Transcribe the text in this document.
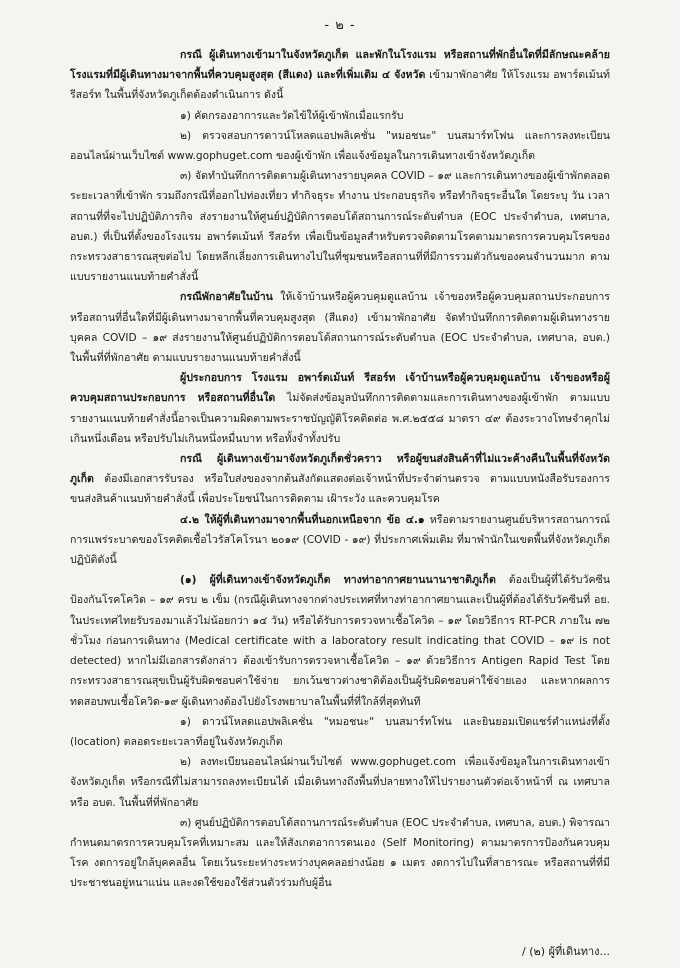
- ๒ -

กรณี ผู้เดินทางเข้ามาในจังหวัดภูเก็ต และพักในโรงแรม หรือสถานที่พักอื่นใดที่มีลักษณะคล้ายโรงแรมที่มีผู้เดินทางมาจากพื้นที่ควบคุมสูงสุด (สีแดง) และที่เพิ่มเติม ๔ จังหวัด เข้ามาพักอาศัย ให้โรงแรม อพาร์ตเม้นท์ รีสอร์ท ในพื้นที่จังหวัดภูเก็ตต้องดำเนินการ ดังนี้

๑) คัดกรองอาการและวัดไข้ให้ผู้เข้าพักเมื่อแรกรับ

๒) ตรวจสอบการดาวน์โหลดแอปพลิเคชั่น "หมอชนะ" บนสมาร์ทโฟน และการลงทะเบียนออนไลน์ผ่านเว็บไซต์ www.gophuget.com ของผู้เข้าพัก เพื่อแจ้งข้อมูลในการเดินทางเข้าจังหวัดภูเก็ต

๓) จัดทำบันทึกการติดตามผู้เดินทางรายบุคคล COVID – ๑๙ และการเดินทางของผู้เข้าพักตลอดระยะเวลาที่เข้าพัก รวมถึงกรณีที่ออกไปท่องเที่ยว ทำกิจธุระ ทำงาน ประกอบธุรกิจ หรือทำกิจธุระอื่นใด โดยระบุ วัน เวลา สถานที่ที่จะไปปฏิบัติภารกิจ ส่งรายงานให้ศูนย์ปฏิบัติการตอบโต้สถานการณ์ระดับตำบล (EOC ประจำตำบล, เทศบาล, อบต.) ที่เป็นที่ตั้งของโรงแรม อพาร์ตเม้นท์ รีสอร์ท เพื่อเป็นข้อมูลสำหรับตรวจติดตามโรคตามมาตรการควบคุมโรคของกระทรวงสาธารณสุขต่อไป โดยหลีกเลี่ยงการเดินทางไปในที่ชุมชนหรือสถานที่ที่มีการรวมตัวกันของคนจำนวนมาก ตามแบบรายงานแนบท้ายคำสั่งนี้

กรณีพักอาศัยในบ้าน ให้เจ้าบ้านหรือผู้ควบคุมดูแลบ้าน เจ้าของหรือผู้ควบคุมสถานประกอบการ หรือสถานที่อื่นใดที่มีผู้เดินทางมาจากพื้นที่ควบคุมสูงสุด (สีแดง) เข้ามาพักอาศัย จัดทำบันทึกการติดตามผู้เดินทางรายบุคคล COVID – ๑๙ ส่งรายงานให้ศูนย์ปฏิบัติการตอบโต้สถานการณ์ระดับตำบล (EOC ประจำตำบล, เทศบาล, อบต.) ในพื้นที่ที่พักอาศัย ตามแบบรายงานแนบท้ายคำสั่งนี้

ผู้ประกอบการ โรงแรม อพาร์ตเม้นท์ รีสอร์ท เจ้าบ้านหรือผู้ควบคุมดูแลบ้าน เจ้าของหรือผู้ควบคุมสถานประกอบการ หรือสถานที่อื่นใด ไม่จัดส่งข้อมูลบันทึกการติดตามและการเดินทางของผู้เข้าพัก ตามแบบรายงานแนบท้ายคำสั่งนี้อาจเป็นความผิดตามพระราชบัญญัติโรคติดต่อ พ.ศ.๒๕๕๘ มาตรา ๔๙ ต้องระวางโทษจำคุกไม่เกินหนึ่งเดือน หรือปรับไม่เกินหนึ่งหมื่นบาท หรือทั้งจำทั้งปรับ

กรณี ผู้เดินทางเข้ามาจังหวัดภูเก็ตชั่วคราว หรือผู้ขนส่งสินค้าที่ไม่แวะค้างคืนในพื้นที่จังหวัดภูเก็ต ต้องมีเอกสารรับรอง หรือใบส่งของจากต้นสังกัดแสดงต่อเจ้าหน้าที่ประจำด่านตรวจ ตามแบบหนังสือรับรองการขนส่งสินค้าแนบท้ายคำสั่งนี้ เพื่อประโยชน์ในการติดตาม เฝ้าระวัง และควบคุมโรค

๔.๒ ให้ผู้ที่เดินทางมาจากพื้นที่นอกเหนือจาก ข้อ ๔.๑ หรือตามรายงานศูนย์บริหารสถานการณ์การแพร่ระบาดของโรคติดเชื้อไวรัสโคโรนา ๒๐๑๙ (COVID - ๑๙) ที่ประกาศเพิ่มเติม ที่มาพำนักในเขตพื้นที่จังหวัดภูเก็ต ปฏิบัติดังนี้

(๑) ผู้ที่เดินทางเข้าจังหวัดภูเก็ต ทางท่าอากาศยานนานาชาติภูเก็ต ต้องเป็นผู้ที่ได้รับวัคซีนป้องกันโรคโควิด – ๑๙ ครบ ๒ เข็ม (กรณีผู้เดินทางจากต่างประเทศที่ทางท่าอากาศยานและเป็นผู้ที่ต้องได้รับวัคซีนที่ อย. ในประเทศไทยรับรองมาแล้วไม่น้อยกว่า ๑๔ วัน) หรือได้รับการตรวจหาเชื้อโควิด – ๑๙ โดยวิธีการ RT-PCR ภายใน ๗๒ ชั่วโมง ก่อนการเดินทาง (Medical certificate with a laboratory result indicating that COVID – ๑๙ is not detected) หากไม่มีเอกสารดังกล่าว ต้องเข้ารับการตรวจหาเชื้อโควิด – ๑๙ ด้วยวิธีการ Antigen Rapid Test โดยกระทรวงสาธารณสุขเป็นผู้รับผิดชอบค่าใช้จ่าย ยกเว้นชาวต่างชาติต้องเป็นผู้รับผิดชอบค่าใช้จ่ายเอง และหากผลการทดสอบพบเชื้อโควิด-๑๙ ผู้เดินทางต้องไปยังโรงพยาบาลในพื้นที่ที่ใกล้ที่สุดทันที

๑) ดาวน์โหลดแอปพลิเคชั่น "หมอชนะ" บนสมาร์ทโฟน และยินยอมเปิดแชร์ตำแหน่งที่ตั้ง (location) ตลอดระยะเวลาที่อยู่ในจังหวัดภูเก็ต

๒) ลงทะเบียนออนไลน์ผ่านเว็บไซต์ www.gophuget.com เพื่อแจ้งข้อมูลในการเดินทางเข้าจังหวัดภูเก็ต หรือกรณีที่ไม่สามารถลงทะเบียนได้ เมื่อเดินทางถึงพื้นที่ปลายทางให้ไปรายงานตัวต่อเจ้าหน้าที่ ณ เทศบาล หรือ อบต. ในพื้นที่ที่พักอาศัย

๓) ศูนย์ปฏิบัติการตอบโต้สถานการณ์ระดับตำบล (EOC ประจำตำบล, เทศบาล, อบต.) พิจารณากำหนดมาตรการควบคุมโรคที่เหมาะสม และให้สังเกตอาการตนเอง (Self Monitoring) ตามมาตรการป้องกันควบคุมโรค งดการอยู่ใกล้บุคคลอื่น โดยเว้นระยะห่างระหว่างบุคคลอย่างน้อย ๑ เมตร งดการไปในที่สาธารณะ หรือสถานที่ที่มีประชาชนอยู่หนาแน่น และงดใช้ของใช้ส่วนตัวร่วมกับผู้อื่น

/ (๒) ผู้ที่เดินทาง...
